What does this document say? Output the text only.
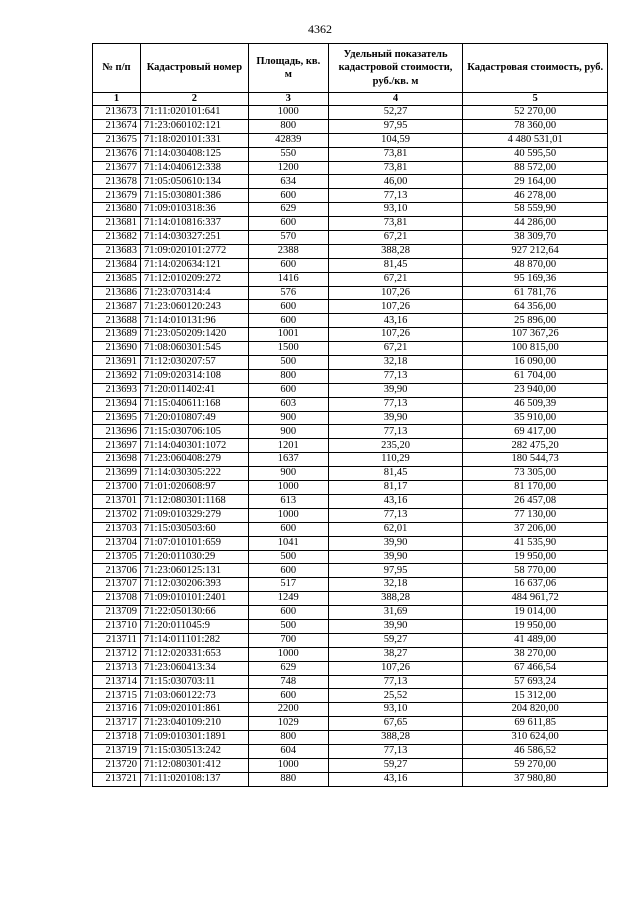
4362
№ п/п	Кадастровый номер	Площадь, кв. м	Удельный показатель кадастровой стоимости, руб./кв. м	Кадастровая стоимость, руб.
1	2	3	4	5
213673	71:11:020101:641	1000	52,27	52 270,00
213674	71:23:060102:121	800	97,95	78 360,00
213675	71:18:020101:331	42839	104,59	4 480 531,01
213676	71:14:030408:125	550	73,81	40 595,50
213677	71:14:040612:338	1200	73,81	88 572,00
213678	71:05:050610:134	634	46,00	29 164,00
213679	71:15:030801:386	600	77,13	46 278,00
213680	71:09:010318:36	629	93,10	58 559,90
213681	71:14:010816:337	600	73,81	44 286,00
213682	71:14:030327:251	570	67,21	38 309,70
213683	71:09:020101:2772	2388	388,28	927 212,64
213684	71:14:020634:121	600	81,45	48 870,00
213685	71:12:010209:272	1416	67,21	95 169,36
213686	71:23:070314:4	576	107,26	61 781,76
213687	71:23:060120:243	600	107,26	64 356,00
213688	71:14:010131:96	600	43,16	25 896,00
213689	71:23:050209:1420	1001	107,26	107 367,26
213690	71:08:060301:545	1500	67,21	100 815,00
213691	71:12:030207:57	500	32,18	16 090,00
213692	71:09:020314:108	800	77,13	61 704,00
213693	71:20:011402:41	600	39,90	23 940,00
213694	71:15:040611:168	603	77,13	46 509,39
213695	71:20:010807:49	900	39,90	35 910,00
213696	71:15:030706:105	900	77,13	69 417,00
213697	71:14:040301:1072	1201	235,20	282 475,20
213698	71:23:060408:279	1637	110,29	180 544,73
213699	71:14:030305:222	900	81,45	73 305,00
213700	71:01:020608:97	1000	81,17	81 170,00
213701	71:12:080301:1168	613	43,16	26 457,08
213702	71:09:010329:279	1000	77,13	77 130,00
213703	71:15:030503:60	600	62,01	37 206,00
213704	71:07:010101:659	1041	39,90	41 535,90
213705	71:20:011030:29	500	39,90	19 950,00
213706	71:23:060125:131	600	97,95	58 770,00
213707	71:12:030206:393	517	32,18	16 637,06
213708	71:09:010101:2401	1249	388,28	484 961,72
213709	71:22:050130:66	600	31,69	19 014,00
213710	71:20:011045:9	500	39,90	19 950,00
213711	71:14:011101:282	700	59,27	41 489,00
213712	71:12:020331:653	1000	38,27	38 270,00
213713	71:23:060413:34	629	107,26	67 466,54
213714	71:15:030703:11	748	77,13	57 693,24
213715	71:03:060122:73	600	25,52	15 312,00
213716	71:09:020101:861	2200	93,10	204 820,00
213717	71:23:040109:210	1029	67,65	69 611,85
213718	71:09:010301:1891	800	388,28	310 624,00
213719	71:15:030513:242	604	77,13	46 586,52
213720	71:12:080301:412	1000	59,27	59 270,00
213721	71:11:020108:137	880	43,16	37 980,80
